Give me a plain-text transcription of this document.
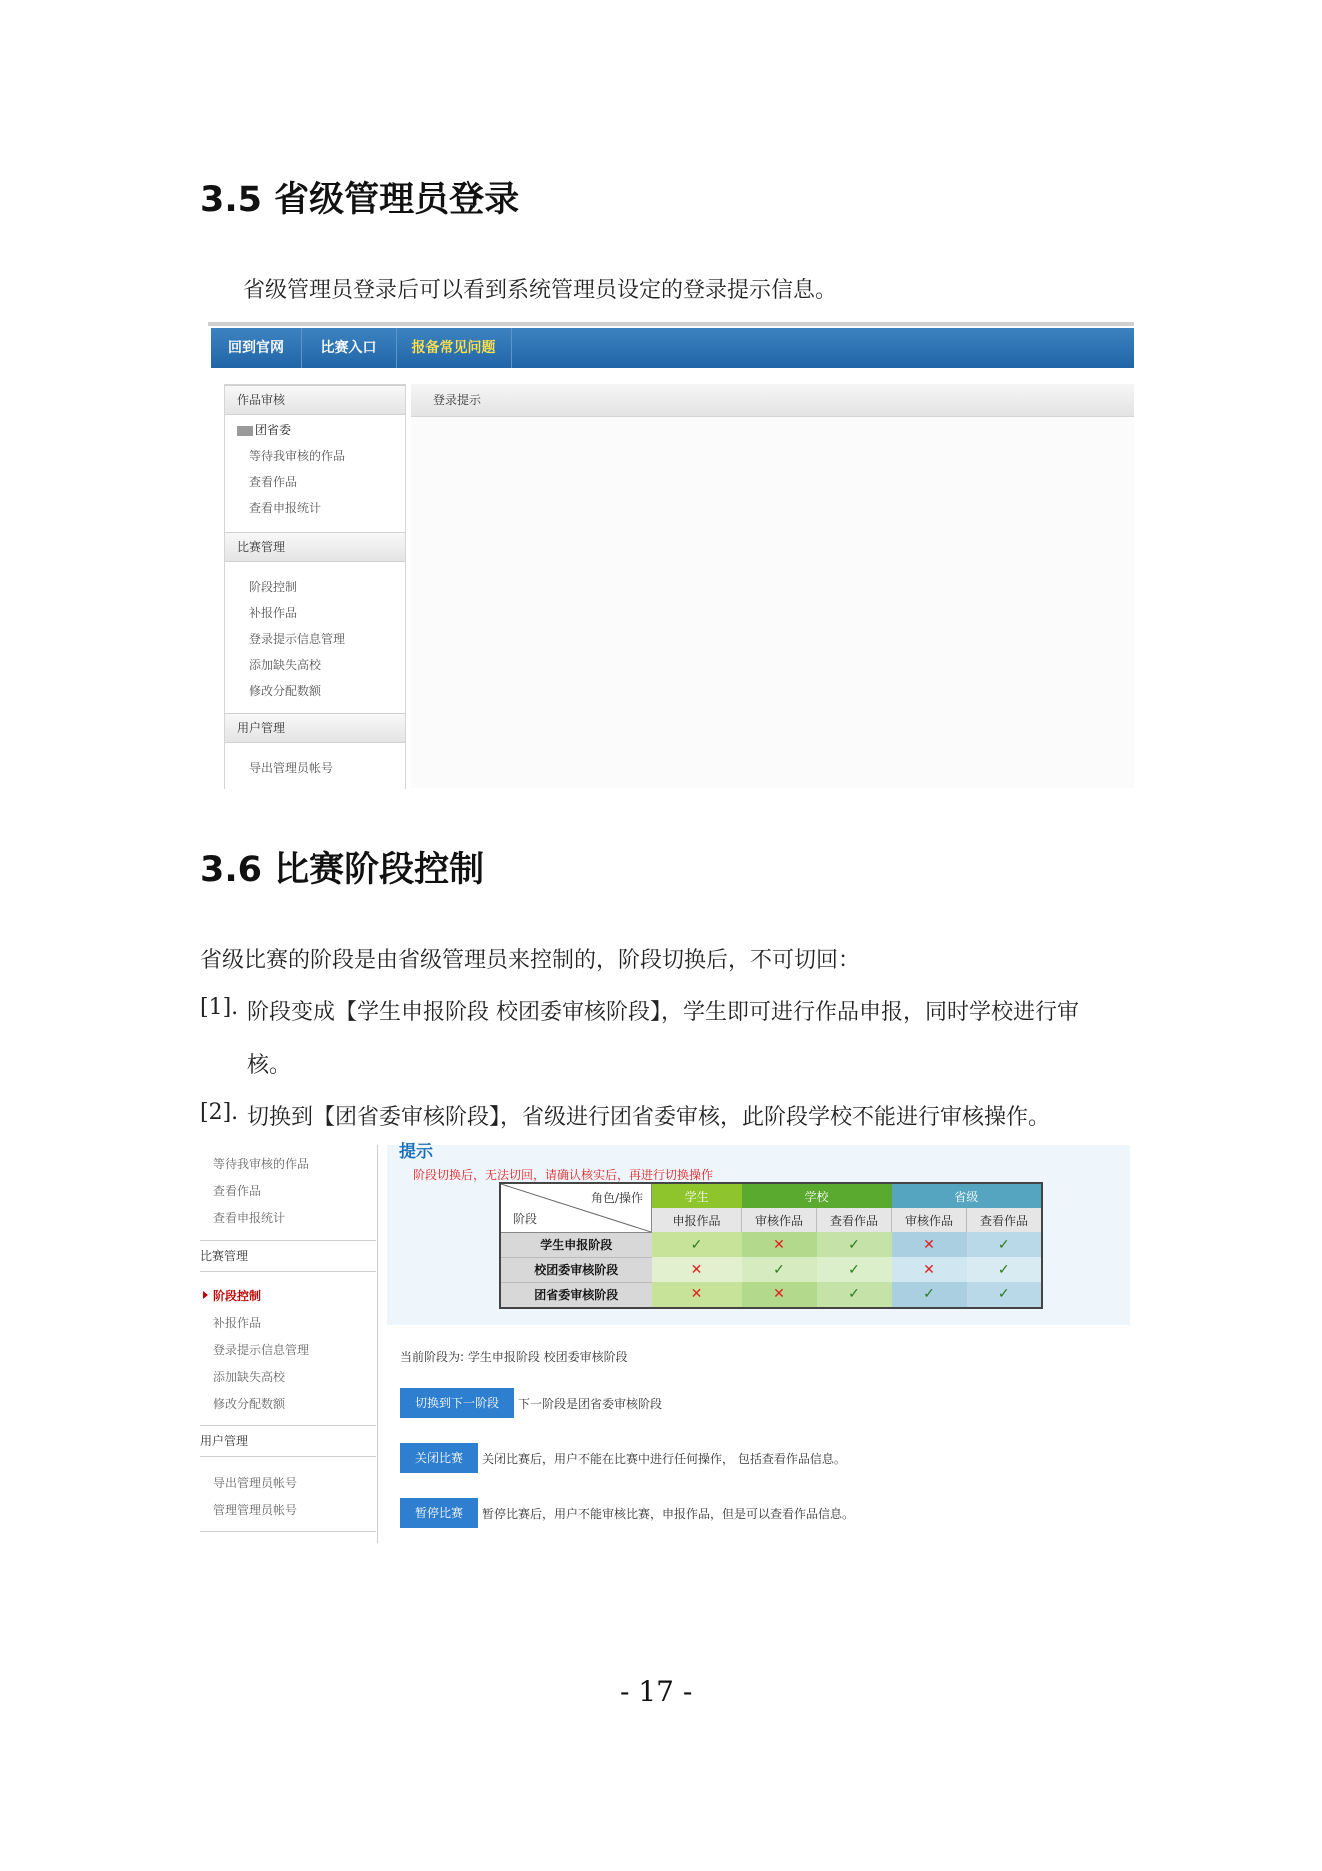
3.5 省级管理员登录
省级管理员登录后可以看到系统管理员设定的登录提示信息。
回到官网	比赛入口	报备常见问题
作品审核
团省委
等待我审核的作品
查看作品
查看申报统计
比赛管理
阶段控制
补报作品
登录提示信息管理
添加缺失高校
修改分配数额
用户管理
导出管理员帐号
登录提示
3.6 比赛阶段控制
省级比赛的阶段是由省级管理员来控制的，阶段切换后，不可切回：
[1]. 阶段变成【学生申报阶段 校团委审核阶段】，学生即可进行作品申报，同时学校进行审
核。
[2]. 切换到【团省委审核阶段】，省级进行团省委审核，此阶段学校不能进行审核操作。
等待我审核的作品
查看作品
查看申报统计
比赛管理
阶段控制
补报作品
登录提示信息管理
添加缺失高校
修改分配数额
用户管理
导出管理员帐号
管理管理员帐号
提示
阶段切换后，无法切回，请确认核实后，再进行切换操作
角色/操作
阶段	学生	学校		省级	
	申报作品	审核作品	查看作品	审核作品	查看作品
学生申报阶段	✓	✕	✓	✕	✓
校团委审核阶段	✕	✓	✓	✕	✓
团省委审核阶段	✕	✕	✓	✓	✓
当前阶段为: 学生申报阶段 校团委审核阶段
切换到下一阶段	下一阶段是团省委审核阶段
关闭比赛	关闭比赛后，用户不能在比赛中进行任何操作， 包括查看作品信息。
暂停比赛	暂停比赛后，用户不能审核比赛，申报作品，但是可以查看作品信息。
- 17 -
